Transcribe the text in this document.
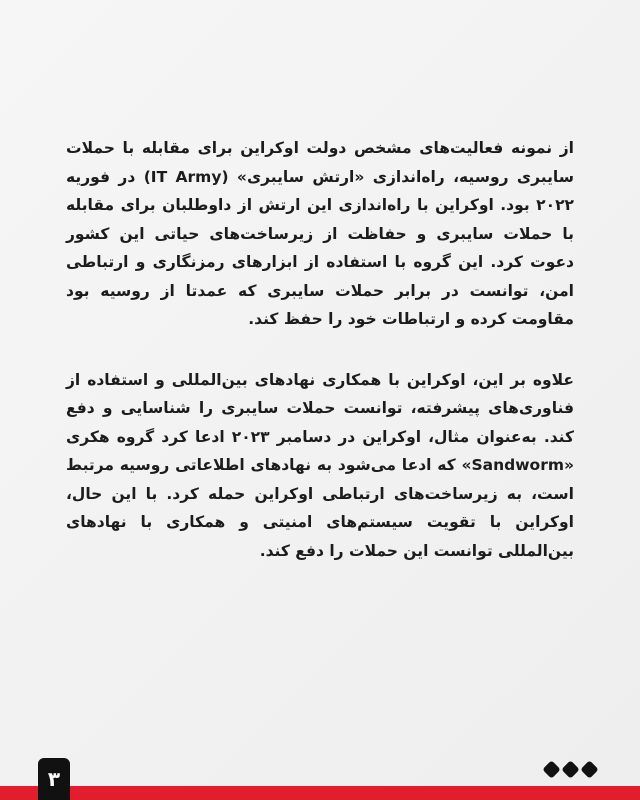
از نمونه فعالیت‌های مشخص دولت اوکراین برای مقابله با حملات سایبری روسیه، راه‌اندازی «ارتش سایبری» (IT Army) در فوریه ۲۰۲۲ بود. اوکراین با راه‌اندازی این ارتش از داوطلبان برای مقابله با حملات سایبری و حفاظت از زیرساخت‌های حیاتی این کشور دعوت کرد. این گروه با استفاده از ابزارهای رمزنگاری و ارتباطی امن، توانست در برابر حملات سایبری که عمدتا از روسیه بود مقاومت کرده و ارتباطات خود را حفظ کند.

علاوه بر این، اوکراین با همکاری نهادهای بین‌المللی و استفاده از فناوری‌های پیشرفته، توانست حملات سایبری را شناسایی و دفع کند. به‌عنوان مثال، اوکراین در دسامبر ۲۰۲۳ ادعا کرد گروه هکری «Sandworm» که ادعا می‌شود به نهادهای اطلاعاتی روسیه مرتبط است، به زیرساخت‌های ارتباطی اوکراین حمله کرد. با این حال، اوکراین با تقویت سیستم‌های امنیتی و همکاری با نهادهای بین‌المللی توانست این حملات را دفع کند.

۳
